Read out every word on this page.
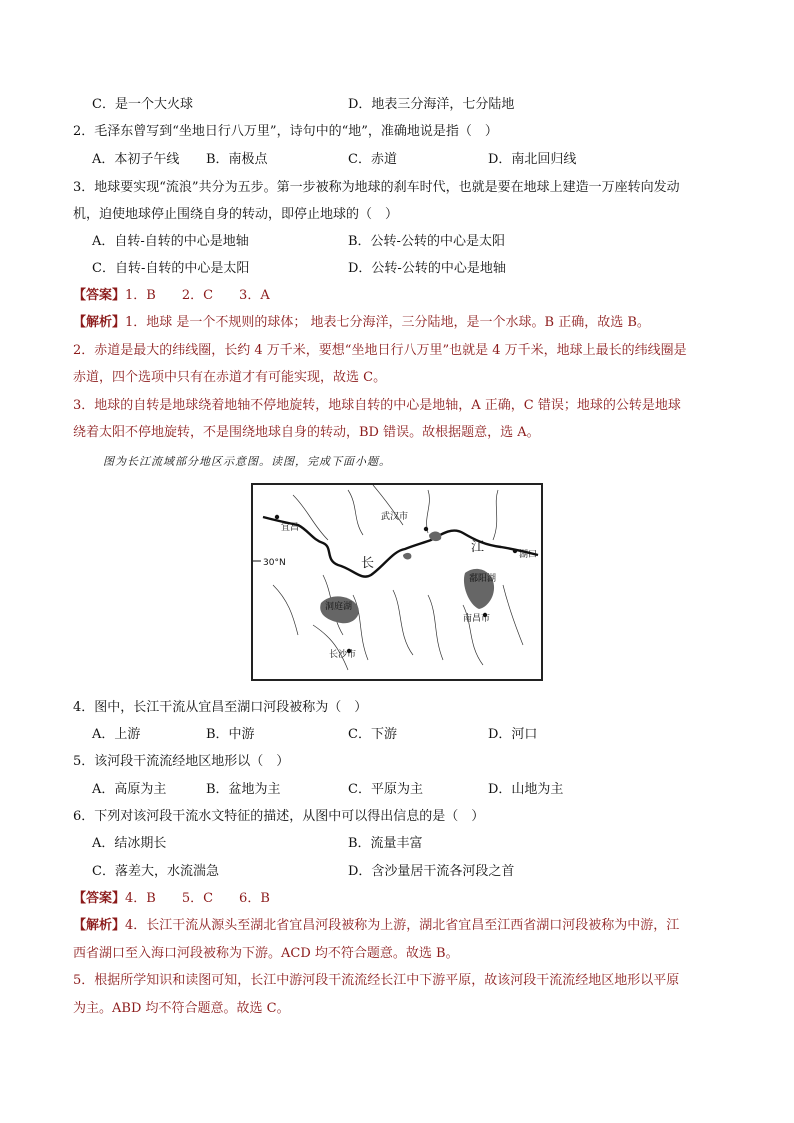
C．是一个大火球	D．地表三分海洋，七分陆地
2．毛泽东曾写到“坐地日行八万里”，诗句中的“地”，准确地说是指（　）
A．本初子午线 B．南极点	C．赤道	D．南北回归线
3．地球要实现“流浪”共分为五步。第一步被称为地球的刹车时代，也就是要在地球上建造一万座转向发动
机，迫使地球停止围绕自身的转动，即停止地球的（　）
A．自转-自转的中心是地轴	B．公转-公转的中心是太阳
C．自转-自转的中心是太阳	D．公转-公转的中心是地轴
【答案】1．B　　2．C　　3．A
【解析】1．地球 是一个不规则的球体； 地表七分海洋，三分陆地，是一个水球。B 正确，故选 B。
2．赤道是最大的纬线圈，长约 4 万千米，要想“坐地日行八万里”也就是 4 万千米，地球上最长的纬线圈是
赤道，四个选项中只有在赤道才有可能实现，故选 C。
3．地球的自转是地球绕着地轴不停地旋转，地球自转的中心是地轴，A 正确，C 错误；地球的公转是地球
绕着太阳不停地旋转，不是围绕地球自身的转动，BD 错误。故根据题意，选 A。
图为长江流域部分地区示意图。读图，完成下面小题。
宜昌
30°N
武汉市
长
江	湖口
鄱阳湖
洞庭湖
南昌市
长沙市
4．图中，长江干流从宜昌至湖口河段被称为（　）
A．上游	B．中游	C．下游	D．河口
5．该河段干流流经地区地形以（　）
A．高原为主	B．盆地为主	C．平原为主	D．山地为主
6．下列对该河段干流水文特征的描述，从图中可以得出信息的是（　）
A．结冰期长	B．流量丰富
C．落差大，水流湍急	D．含沙量居干流各河段之首
【答案】4．B　　5．C　　6．B
【解析】4．长江干流从源头至湖北省宜昌河段被称为上游，湖北省宜昌至江西省湖口河段被称为中游，江
西省湖口至入海口河段被称为下游。ACD 均不符合题意。故选 B。
5．根据所学知识和读图可知，长江中游河段干流流经长江中下游平原，故该河段干流流经地区地形以平原
为主。ABD 均不符合题意。故选 C。
